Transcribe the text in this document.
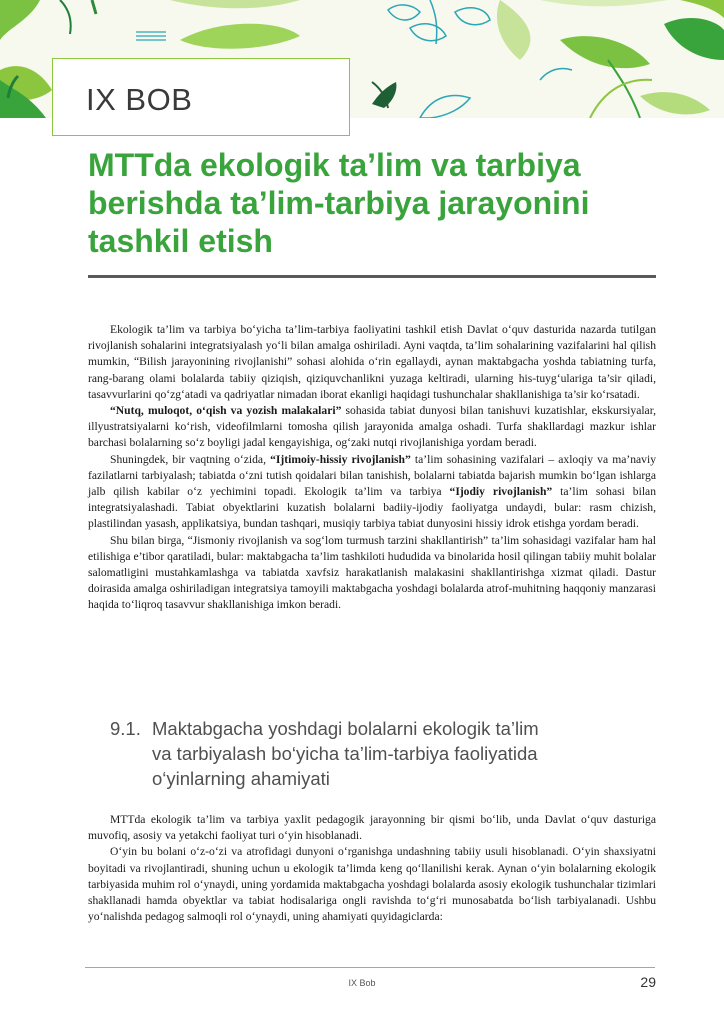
IX BOB
MTTda ekologik ta’lim va tarbiya
berishda ta’lim-tarbiya jarayonini
tashkil etish

Ekologik ta’lim va tarbiya bo‘yicha ta’lim-tarbiya faoliyatini tashkil etish Davlat o‘quv dasturida nazarda tutilgan rivojlanish sohalarini integratsiyalash yo‘li bilan amalga oshiriladi. Ayni vaqtda, ta’lim sohalarining vazifalarini hal qilish mumkin, “Bilish jarayonining rivojlanishi” sohasi alohida o‘rin egallaydi, aynan maktabgacha yoshda tabiatning turfa, rang-barang olami bolalarda tabiiy qiziqish, qiziquvchanlikni yuzaga keltiradi, ularning his-tuyg‘ulariga ta’sir qiladi, tasavvurlarini qo‘zg‘atadi va qadriyatlar nimadan iborat ekanligi haqidagi tushunchalar shakllanishiga ta’sir ko‘rsatadi.

“Nutq, muloqot, o‘qish va yozish malakalari” sohasida tabiat dunyosi bilan tanishuvi kuzatishlar, ekskursiyalar, illyustratsiyalarni ko‘rish, videofilmlarni tomosha qilish jarayonida amalga oshadi. Turfa shakllardagi mazkur ishlar barchasi bolalarning so‘z boyligi jadal kengayishiga, og‘zaki nutqi rivojlanishiga yordam beradi.

Shuningdek, bir vaqtning o‘zida, “Ijtimoiy-hissiy rivojlanish” ta’lim sohasining vazifalari – axloqiy va ma’naviy fazilatlarni tarbiyalash; tabiatda o‘zni tutish qoidalari bilan tanishish, bolalarni tabiatda bajarish mumkin bo‘lgan ishlarga jalb qilish kabilar o‘z yechimini topadi. Ekologik ta’lim va tarbiya “Ijodiy rivojlanish” ta’lim sohasi bilan integratsiyalashadi. Tabiat obyektlarini kuzatish bolalarni badiiy-ijodiy faoliyatga undaydi, bular: rasm chizish, plastilindan yasash, applikatsiya, bundan tashqari, musiqiy tarbiya tabiat dunyosini hissiy idrok etishga yordam beradi.

Shu bilan birga, “Jismoniy rivojlanish va sog‘lom turmush tarzini shakllantirish” ta’lim sohasidagi vazifalar ham hal etilishiga e’tibor qaratiladi, bular: maktabgacha ta’lim tashkiloti hududida va binolarida hosil qilingan tabiiy muhit bolalar salomatligini mustahkamlashga va tabiatda xavfsiz harakatlanish malakasini shakllantirishga xizmat qiladi. Dastur doirasida amalga oshiriladigan integratsiya tamoyili maktabgacha yoshdagi bolalarda atrof-muhitning haqqoniy manzarasi haqida to‘liqroq tasavvur shakllanishiga imkon beradi.

9.1. Maktabgacha yoshdagi bolalarni ekologik ta’lim
va tarbiyalash bo‘yicha ta’lim-tarbiya faoliyatida
o‘yinlarning ahamiyati

MTTda ekologik ta’lim va tarbiya yaxlit pedagogik jarayonning bir qismi bo‘lib, unda Davlat o‘quv dasturiga muvofiq, asosiy va yetakchi faoliyat turi o‘yin hisoblanadi.

O‘yin bu bolani o‘z-o‘zi va atrofidagi dunyoni o‘rganishga undashning tabiiy usuli hisoblanadi. O‘yin shaxsiyatni boyitadi va rivojlantiradi, shuning uchun u ekologik ta’limda keng qo‘llanilishi kerak. Aynan o‘yin bolalarning ekologik tarbiyasida muhim rol o‘ynaydi, uning yordamida maktabgacha yoshdagi bolalarda asosiy ekologik tushunchalar tizimlari shakllanadi hamda obyektlar va tabiat hodisalariga ongli ravishda to‘g‘ri munosabatda bo‘lish tarbiyalanadi. Ushbu yo‘nalishda pedagog salmoqli rol o‘ynaydi, uning ahamiyati quyidagiclarda:

IX Bob	29
